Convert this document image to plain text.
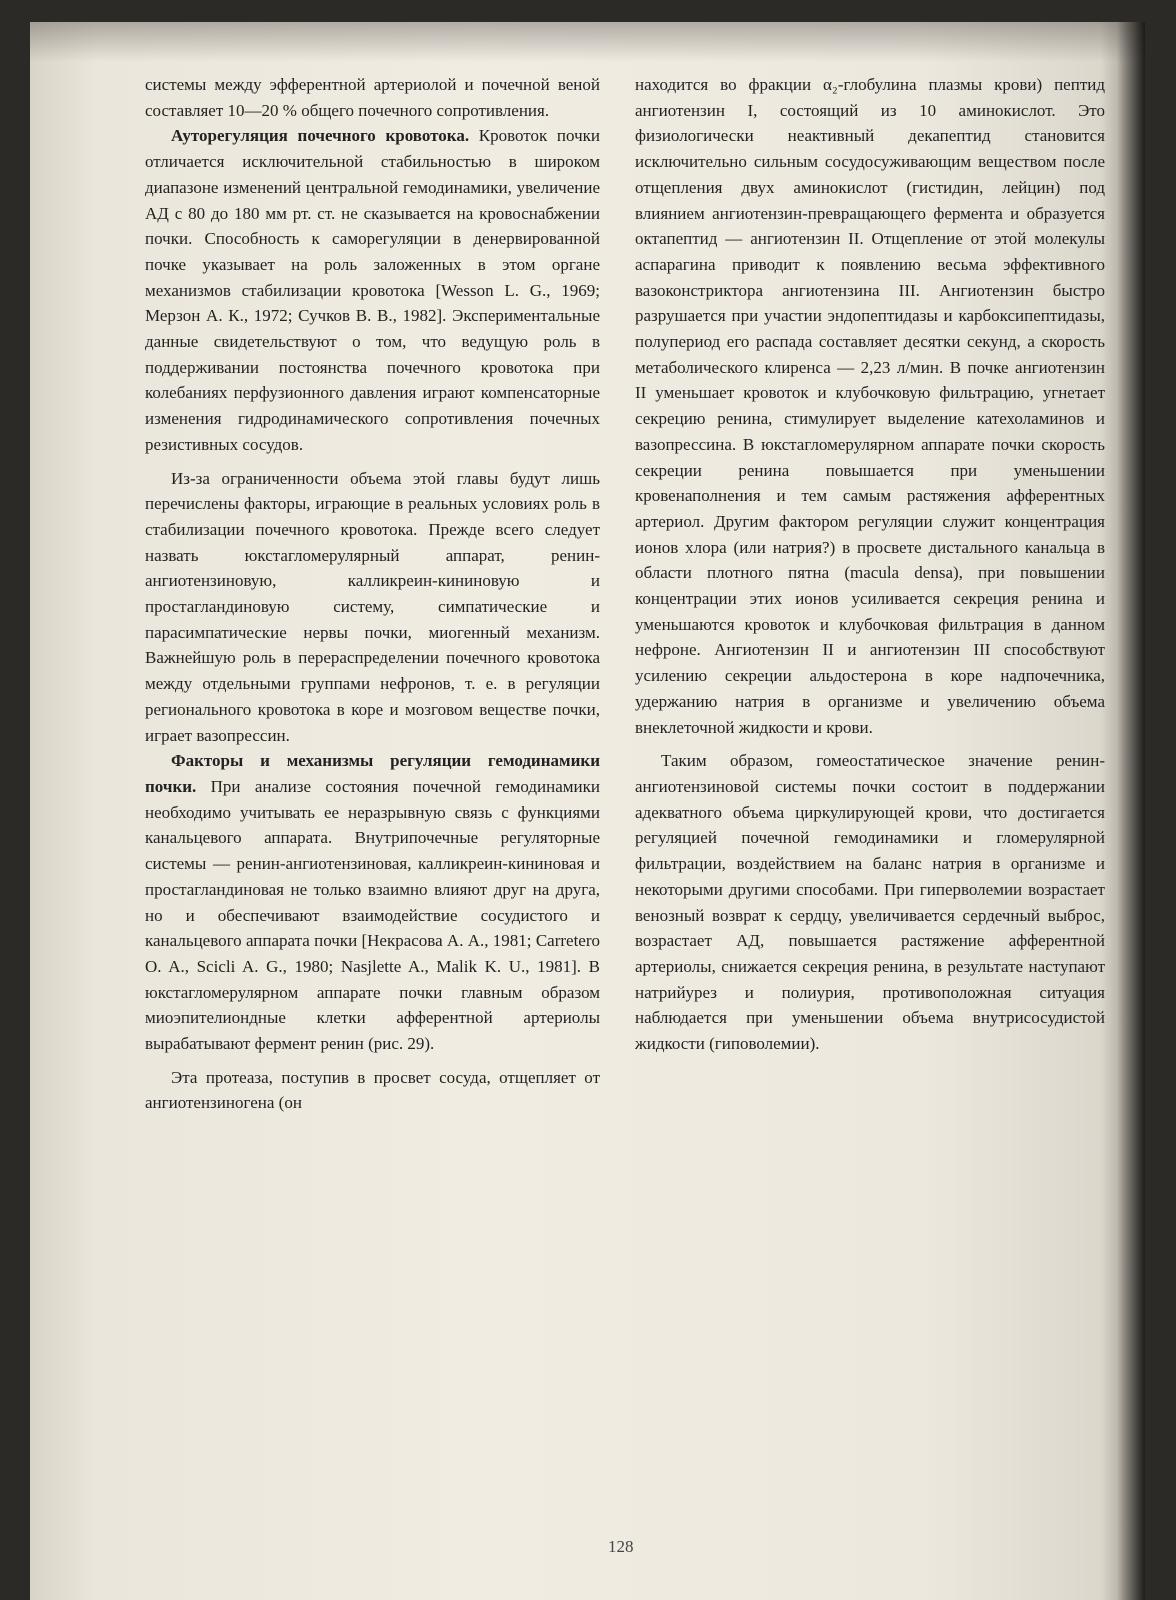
системы между эфферентной артериолой и почечной веной составляет 10—20 % общего почечного сопротивления.

Ауторегуляция почечного кровотока. Кровоток почки отличается исключительной стабильностью в широком диапазоне изменений центральной гемодинамики, увеличение АД с 80 до 180 мм рт. ст. не сказывается на кровоснабжении почки. Способность к саморегуляции в денервированной почке указывает на роль заложенных в этом органе механизмов стабилизации кровотока [Wesson L. G., 1969; Мерзон А. К., 1972; Сучков В. В., 1982]. Экспериментальные данные свидетельствуют о том, что ведущую роль в поддерживании постоянства почечного кровотока при колебаниях перфузионного давления играют компенсаторные изменения гидродинамического сопротивления почечных резистивных сосудов.

Из-за ограниченности объема этой главы будут лишь перечислены факторы, играющие в реальных условиях роль в стабилизации почечного кровотока. Прежде всего следует назвать юкстагломерулярный аппарат, ренин-ангиотензиновую, калликреин-кининовую и простагландиновую систему, симпатические и парасимпатические нервы почки, миогенный механизм. Важнейшую роль в перераспределении почечного кровотока между отдельными группами нефронов, т. е. в регуляции регионального кровотока в коре и мозговом веществе почки, играет вазопрессин.

Факторы и механизмы регуляции гемодинамики почки. При анализе состояния почечной гемодинамики необходимо учитывать ее неразрывную связь с функциями канальцевого аппарата. Внутрипочечные регуляторные системы — ренин-ангиотензиновая, калликреин-кининовая и простагландиновая не только взаимно влияют друг на друга, но и обеспечивают взаимодействие сосудистого и канальцевого аппарата почки [Некрасова А. А., 1981; Carretero O. A., Scicli A. G., 1980; Nasjlette A., Malik K. U., 1981]. В юкстагломерулярном аппарате почки главным образом миоэпителиондные клетки афферентной артериолы вырабатывают фермент ренин (рис. 29).

Эта протеаза, поступив в просвет сосуда, отщепляет от ангиотензиногена (он

находится во фракции α₂-глобулина плазмы крови) пептид ангиотензин I, состоящий из 10 аминокислот. Это физиологически неактивный декапептид становится исключительно сильным сосудосуживающим веществом после отщепления двух аминокислот (гистидин, лейцин) под влиянием ангиотензин-превращающего фермента и образуется октапептид — ангиотензин II. Отщепление от этой молекулы аспарагина приводит к появлению весьма эффективного вазоконстриктора ангиотензина III. Ангиотензин быстро разрушается при участии эндопептидазы и карбоксипептидазы, полупериод его распада составляет десятки секунд, а скорость метаболического клиренса — 2,23 л/мин. В почке ангиотензин II уменьшает кровоток и клубочковую фильтрацию, угнетает секрецию ренина, стимулирует выделение катехоламинов и вазопрессина. В юкстагломерулярном аппарате почки скорость секреции ренина повышается при уменьшении кровенаполнения и тем самым растяжения афферентных артериол. Другим фактором регуляции служит концентрация ионов хлора (или натрия?) в просвете дистального канальца в области плотного пятна (macula densa), при повышении концентрации этих ионов усиливается секреция ренина и уменьшаются кровоток и клубочковая фильтрация в данном нефроне. Ангиотензин II и ангиотензин III способствуют усилению секреции альдостерона в коре надпочечника, удержанию натрия в организме и увеличению объема внеклеточной жидкости и крови.

Таким образом, гомеостатическое значение ренин-ангиотензиновой системы почки состоит в поддержании адекватного объема циркулирующей крови, что достигается регуляцией почечной гемодинамики и гломерулярной фильтрации, воздействием на баланс натрия в организме и некоторыми другими способами. При гиперволемии возрастает венозный возврат к сердцу, увеличивается сердечный выброс, возрастает АД, повышается растяжение афферентной артериолы, снижается секреция ренина, в результате наступают натрийурез и полиурия, противоположная ситуация наблюдается при уменьшении объема внутрисосудистой жидкости (гиповолемии).

128
